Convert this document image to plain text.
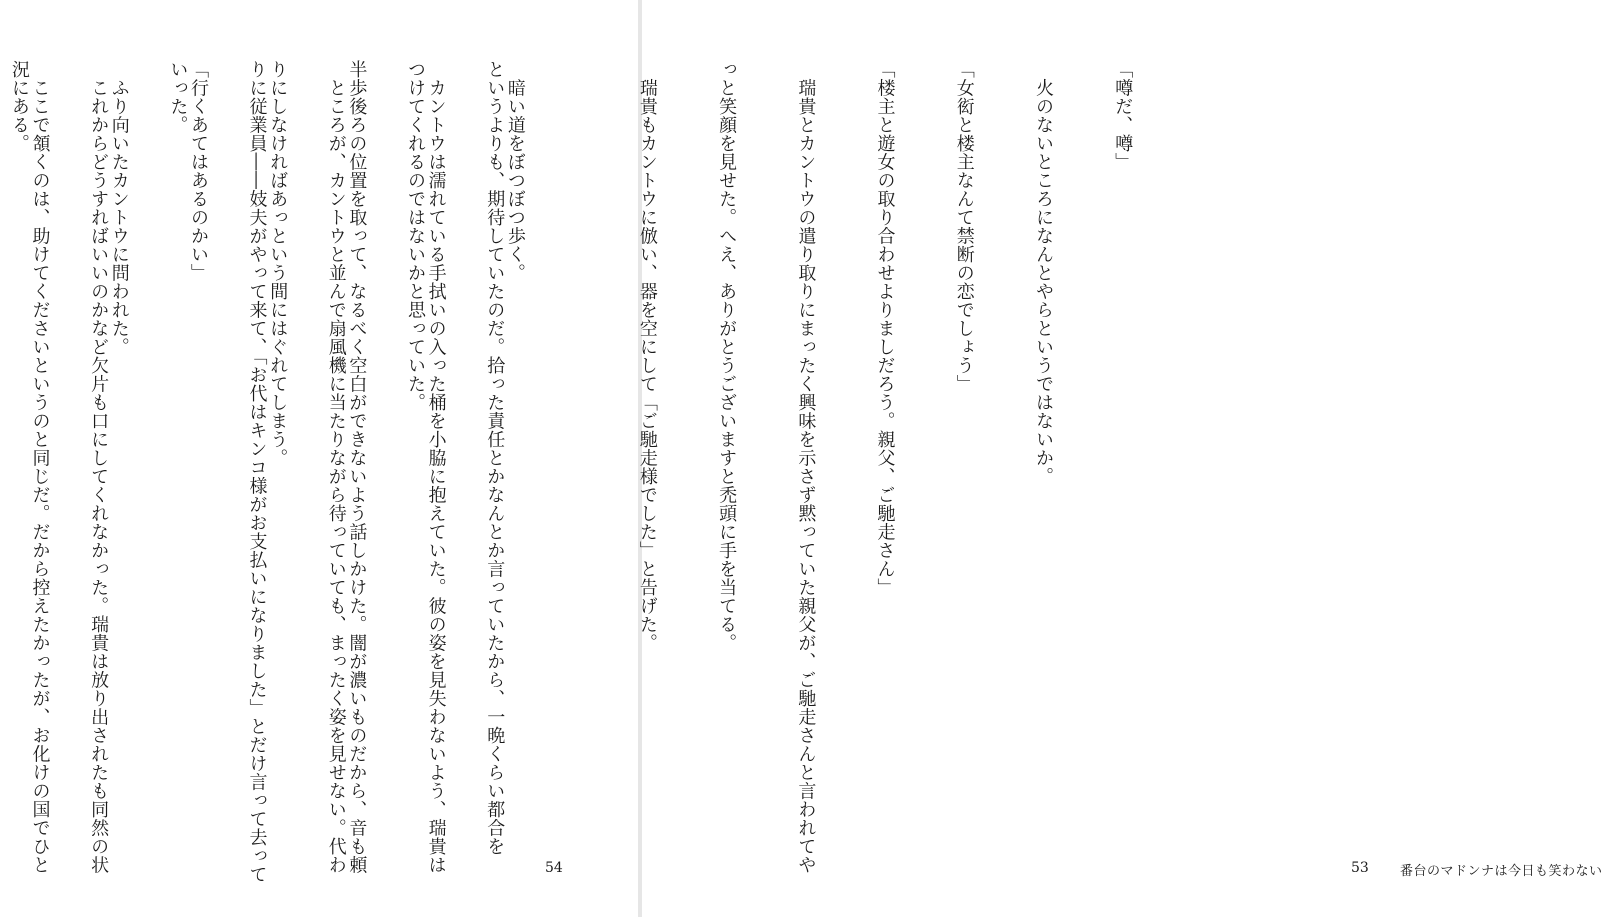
というよりも、期待していたのだ。拾った責任とかなんとか言っていたから、一晩くらい都合を

つけてくれるのではないかと思っていた。

　ところが、カントウと並んで扇風機に当たりながら待っていても、まったく姿を見せない。代わ

りに従業員――妓夫がやって来て、「お代はキンコ様がお支払いになりました」とだけ言って去って

いった。

　これからどうすればいいのかなど欠片も口にしてくれなかった。瑞貴は放り出されたも同然の状

況にある。

54

「噂だ、噂」

　火のないところになんとやらというではないか。

「女衒と楼主なんて禁断の恋でしょう」

「楼主と遊女の取り合わせよりましだろう。親父、ご馳走さん」

　瑞貴とカントウの遣り取りにまったく興味を示さず黙っていた親父が、ご馳走さんと言われてや

っと笑顔を見せた。へえ、ありがとうございますと禿頭に手を当てる。

　瑞貴もカントウに倣い、器を空にして「ご馳走様でした」と告げた。

　暗い道をぼつぼつ歩く。

　カントウは濡れている手拭いの入った桶を小脇に抱えていた。彼の姿を見失わないよう、瑞貴は

半歩後ろの位置を取って、なるべく空白ができないよう話しかけた。闇が濃いものだから、音も頼

りにしなければあっという間にはぐれてしまう。

「行くあてはあるのかい」

　ふり向いたカントウに問われた。

　ここで頷くのは、助けてくださいというのと同じだ。だから控えたかったが、お化けの国でひと

	53 番台のマドンナは今日も笑わない
